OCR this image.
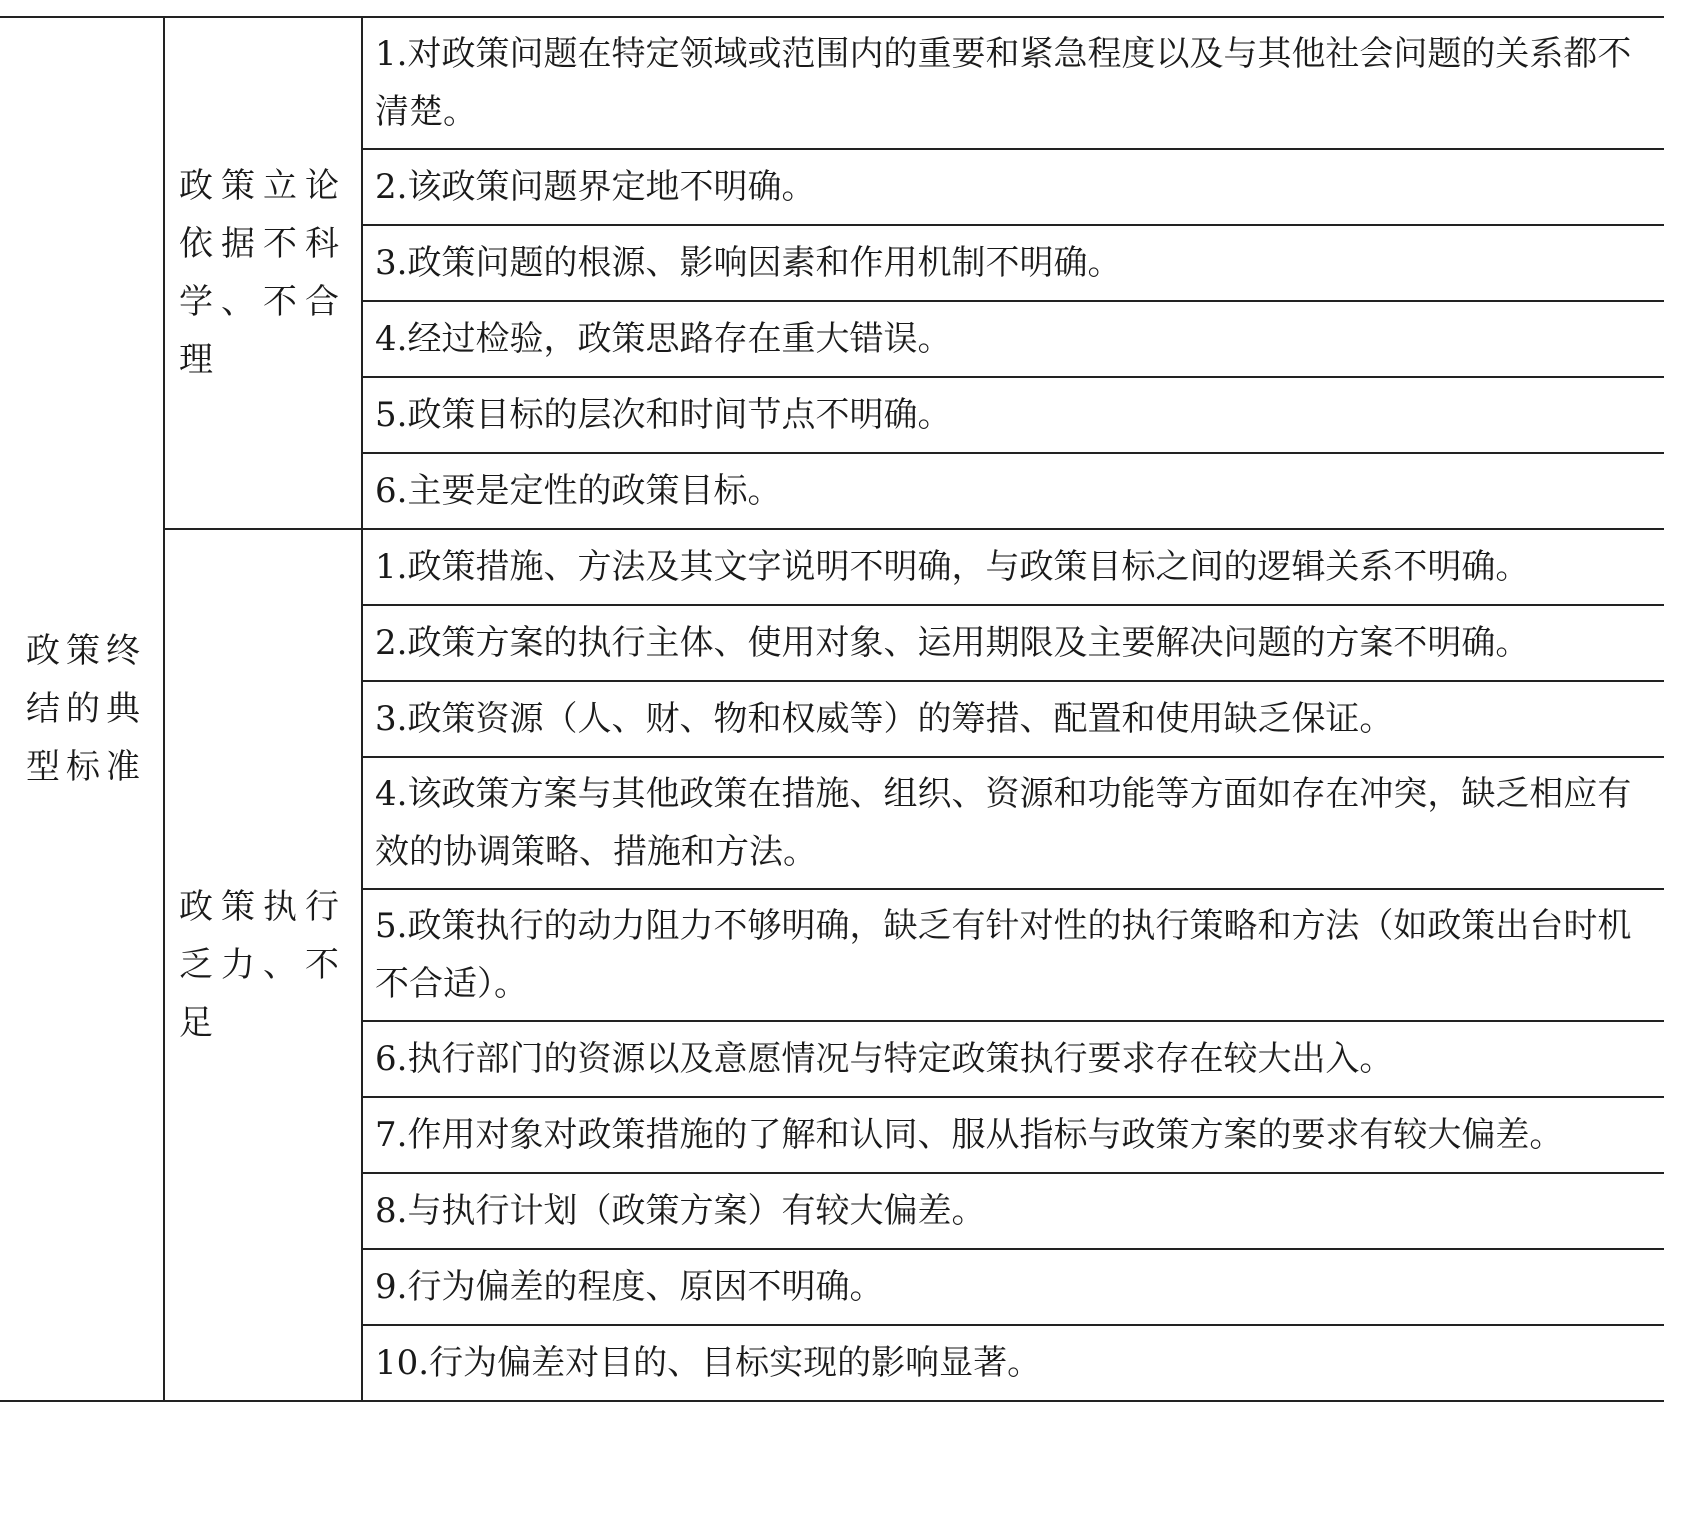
政策终
结的典
型标准	政策立论
依据不科
学、不合理	1.对政策问题在特定领域或范围内的重要和紧急程度以及与其他社会问题的关系都不清楚。

		2.该政策问题界定地不明确。

		3.政策问题的根源、影响因素和作用机制不明确。

		4.经过检验，政策思路存在重大错误。

		5.政策目标的层次和时间节点不明确。

		6.主要是定性的政策目标。

	政策执行
乏力、不足	1.政策措施、方法及其文字说明不明确，与政策目标之间的逻辑关系不明确。

		2.政策方案的执行主体、使用对象、运用期限及主要解决问题的方案不明确。

		3.政策资源（人、财、物和权威等）的筹措、配置和使用缺乏保证。

		4.该政策方案与其他政策在措施、组织、资源和功能等方面如存在冲突，缺乏相应有效的协调策略、措施和方法。

		5.政策执行的动力阻力不够明确，缺乏有针对性的执行策略和方法（如政策出台时机不合适）。

		6.执行部门的资源以及意愿情况与特定政策执行要求存在较大出入。

		7.作用对象对政策措施的了解和认同、服从指标与政策方案的要求有较大偏差。

		8.与执行计划（政策方案）有较大偏差。

		9.行为偏差的程度、原因不明确。

		10.行为偏差对目的、目标实现的影响显著。
